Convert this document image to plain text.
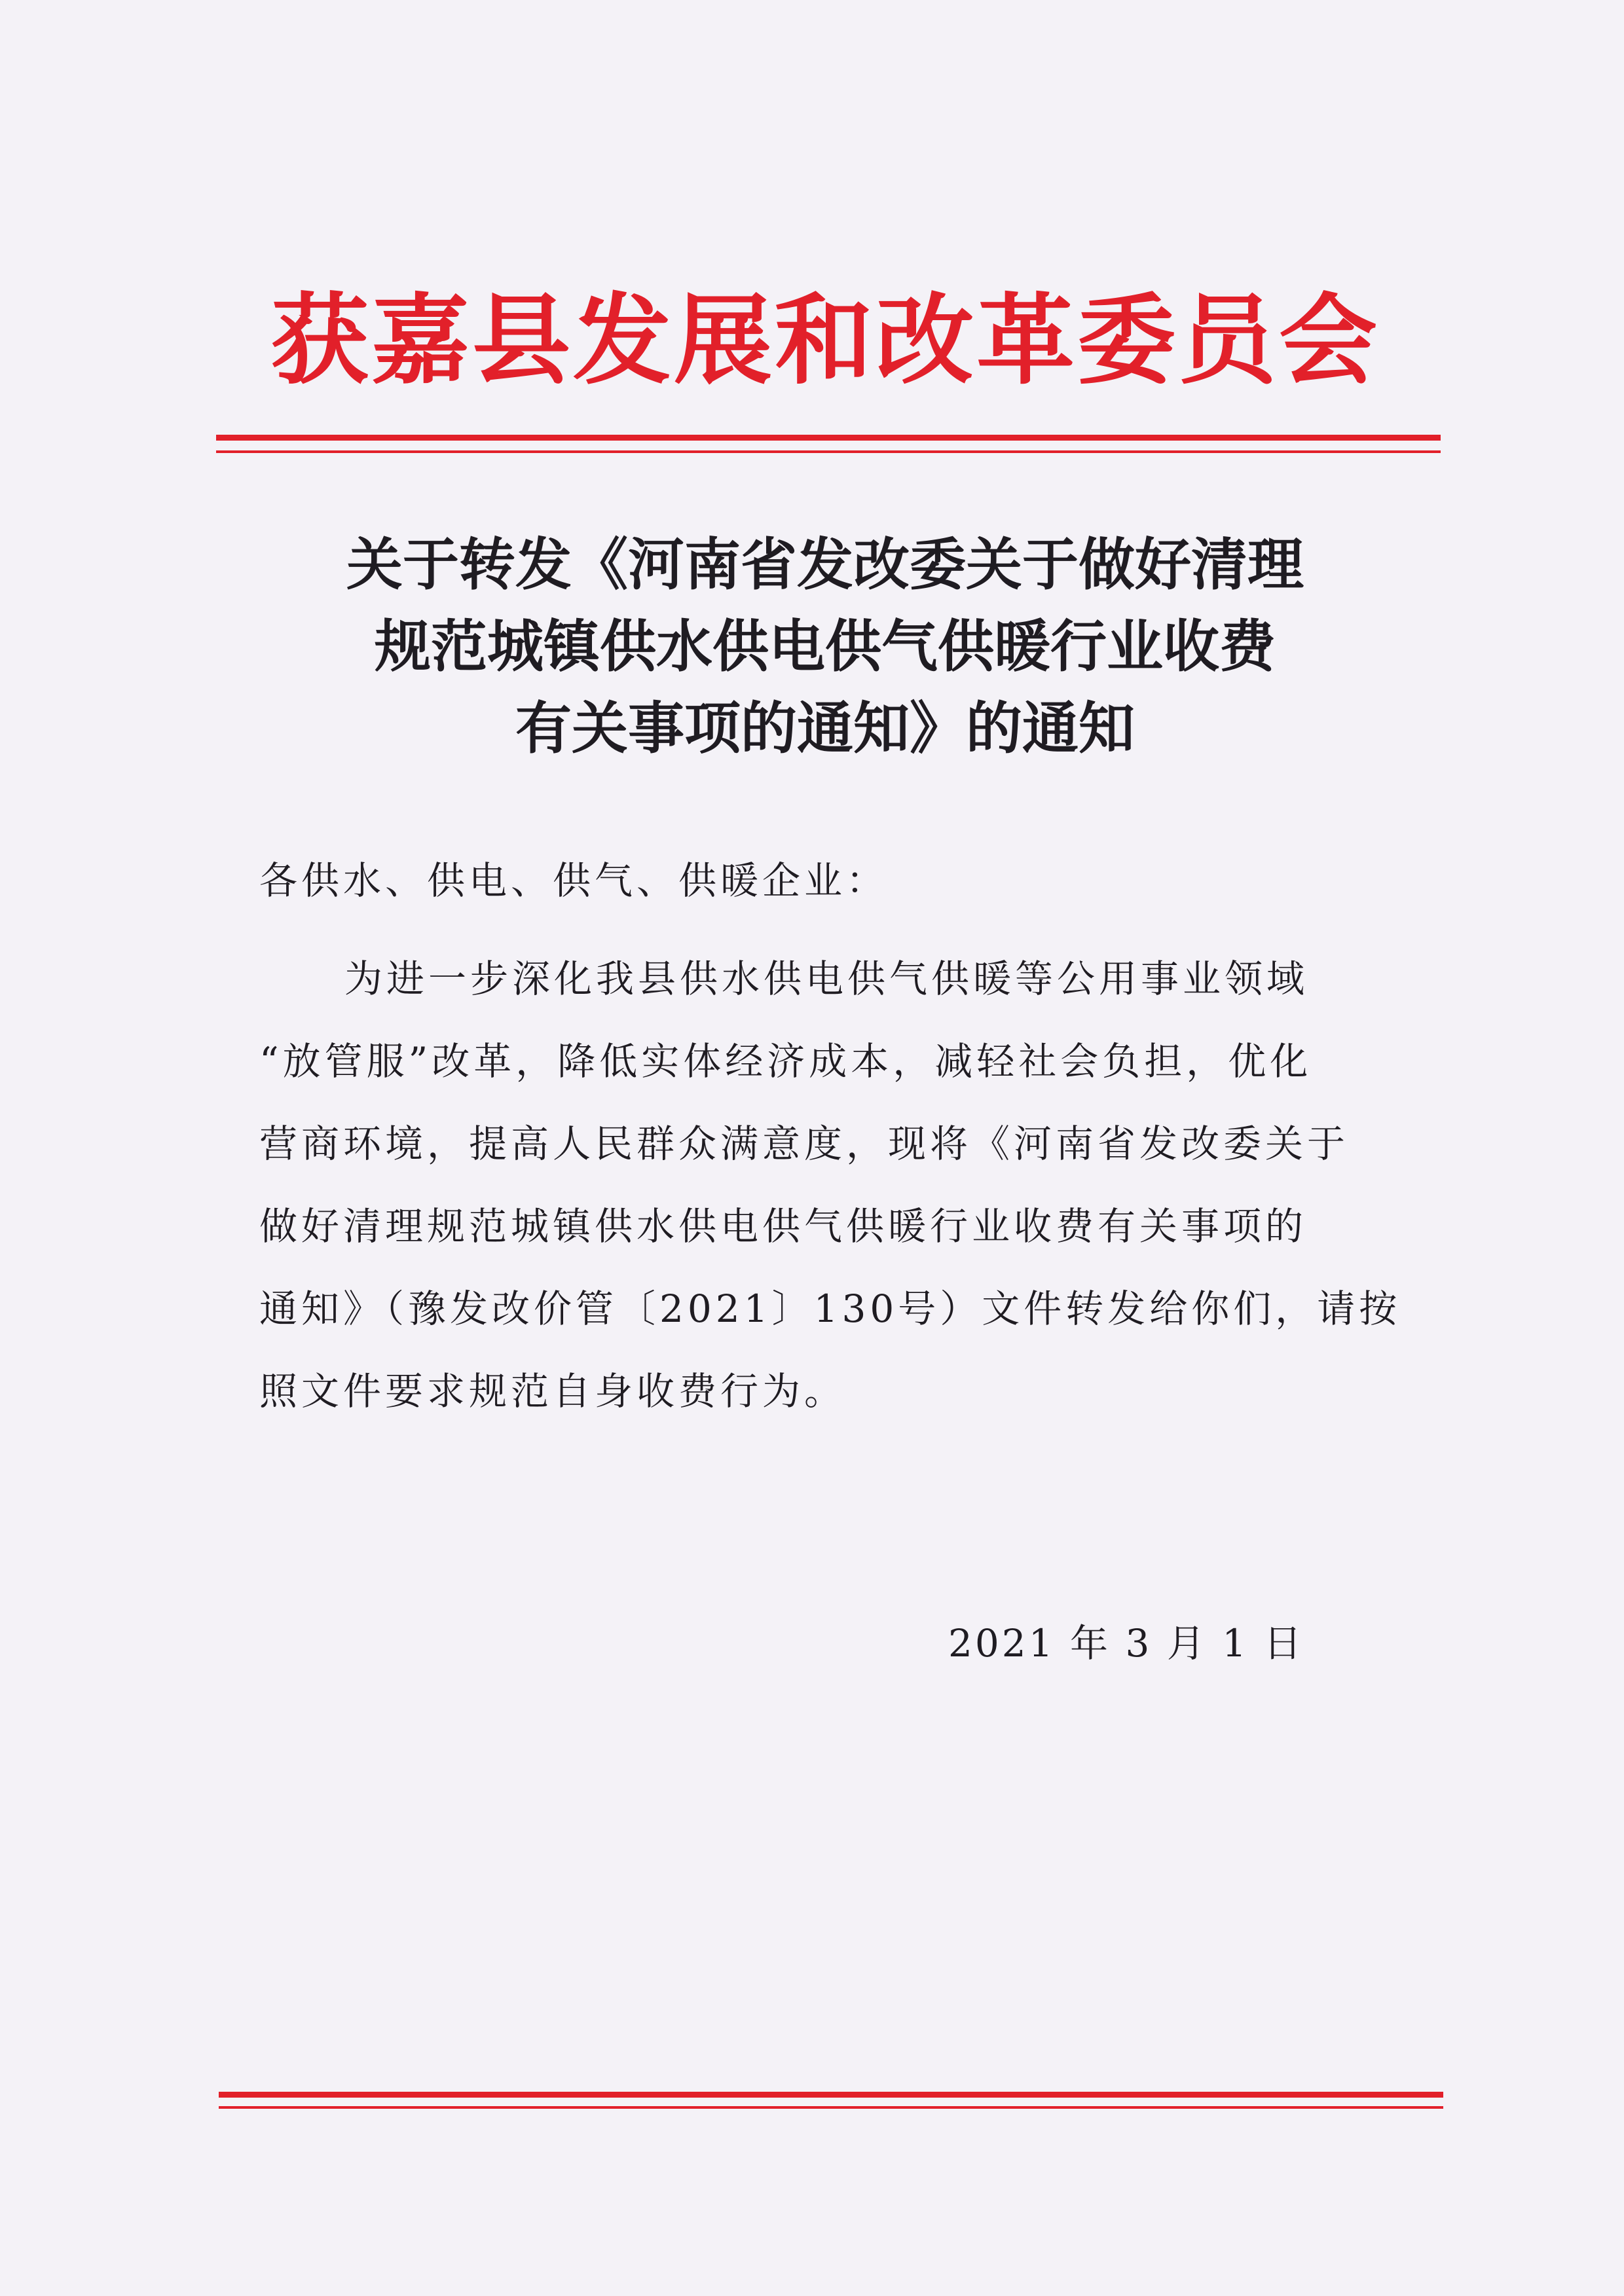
获嘉县发展和改革委员会
关于转发《河南省发改委关于做好清理
规范城镇供水供电供气供暖行业收费
有关事项的通知》的通知
各供水、供电、供气、供暖企业：
为进一步深化我县供水供电供气供暖等公用事业领域
“放管服”改革，降低实体经济成本，减轻社会负担，优化
营商环境，提高人民群众满意度，现将《河南省发改委关于
做好清理规范城镇供水供电供气供暖行业收费有关事项的
通知》（豫发改价管〔2021〕130号）文件转发给你们，请按
照文件要求规范自身收费行为。
2021 年 3 月 1 日
